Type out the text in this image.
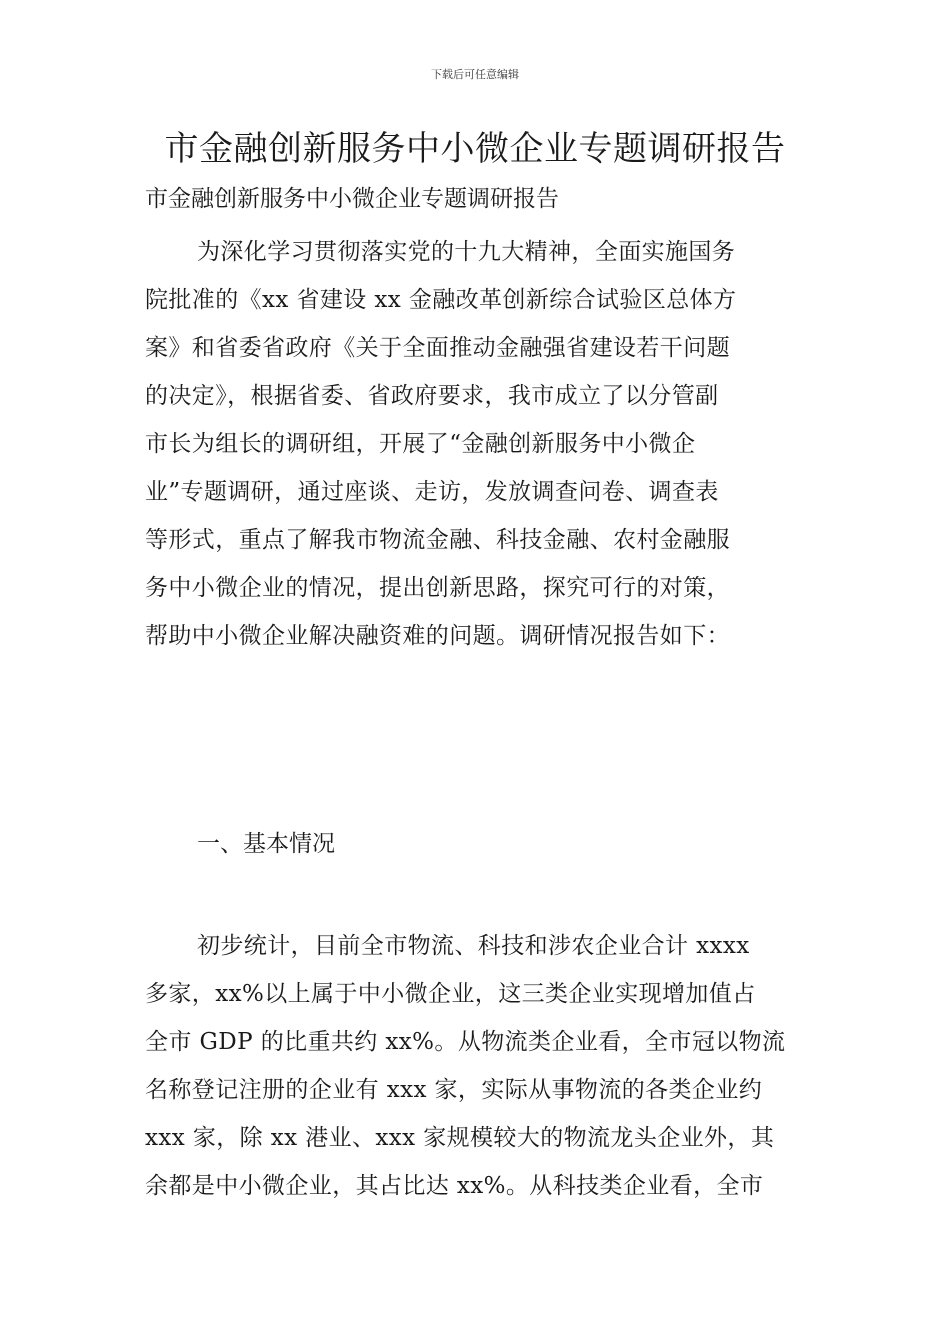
下载后可任意编辑
市金融创新服务中小微企业专题调研报告
市金融创新服务中小微企业专题调研报告
为深化学习贯彻落实党的十九大精神，全面实施国务
院批准的《xx 省建设 xx 金融改革创新综合试验区总体方
案》和省委省政府《关于全面推动金融强省建设若干问题
的决定》，根据省委、省政府要求，我市成立了以分管副
市长为组长的调研组，开展了“金融创新服务中小微企
业”专题调研，通过座谈、走访，发放调查问卷、调查表
等形式，重点了解我市物流金融、科技金融、农村金融服
务中小微企业的情况，提出创新思路，探究可行的对策，
帮助中小微企业解决融资难的问题。调研情况报告如下：
一、基本情况
初步统计，目前全市物流、科技和涉农企业合计 xxxx
多家，xx%以上属于中小微企业，这三类企业实现增加值占
全市 GDP 的比重共约 xx%。从物流类企业看，全市冠以物流
名称登记注册的企业有 xxx 家，实际从事物流的各类企业约
xxx 家，除 xx 港业、xxx 家规模较大的物流龙头企业外，其
余都是中小微企业，其占比达 xx%。从科技类企业看，全市
